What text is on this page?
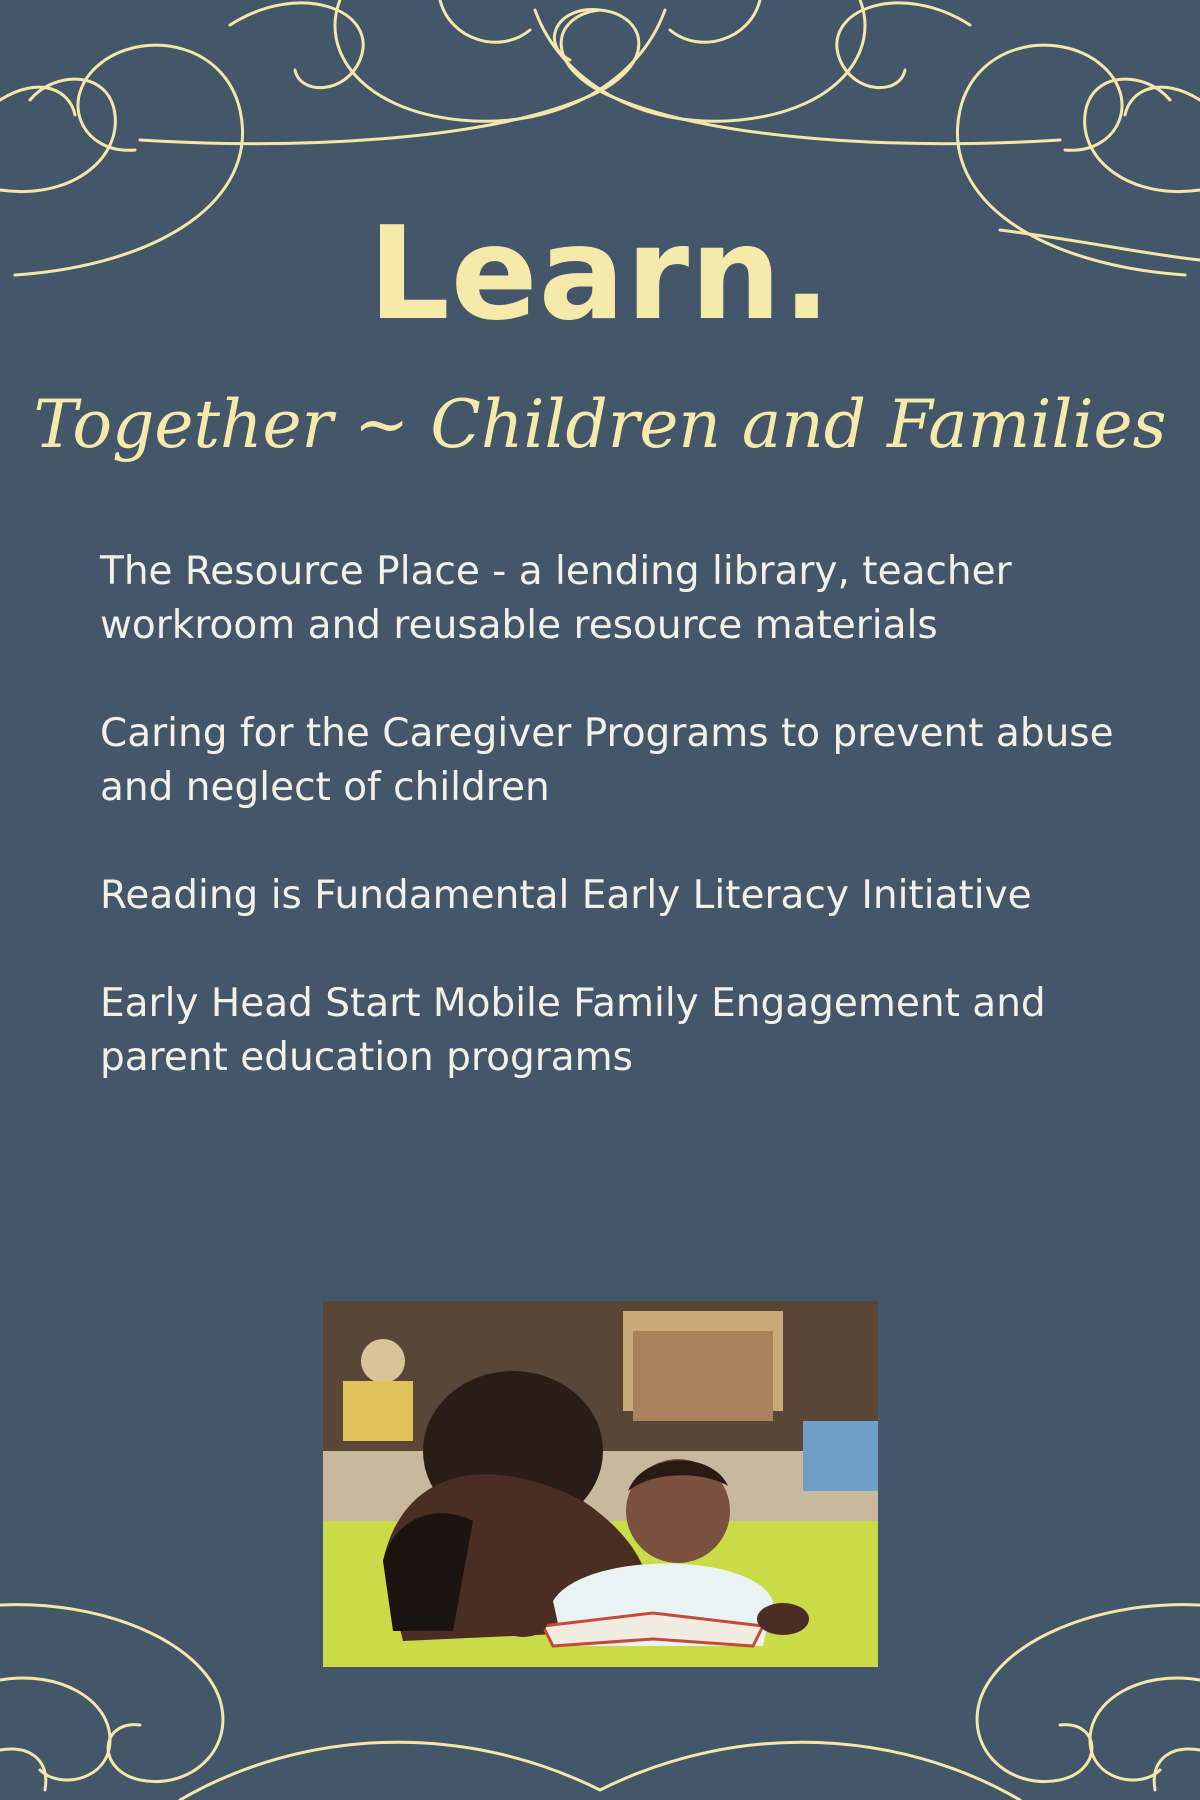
Learn.
Together ~ Children and Families
The Resource Place - a lending library, teacher workroom and reusable resource materials
Caring for the Caregiver Programs to prevent abuse and neglect of children
Reading is Fundamental Early Literacy Initiative
Early Head Start Mobile Family Engagement and parent education programs
